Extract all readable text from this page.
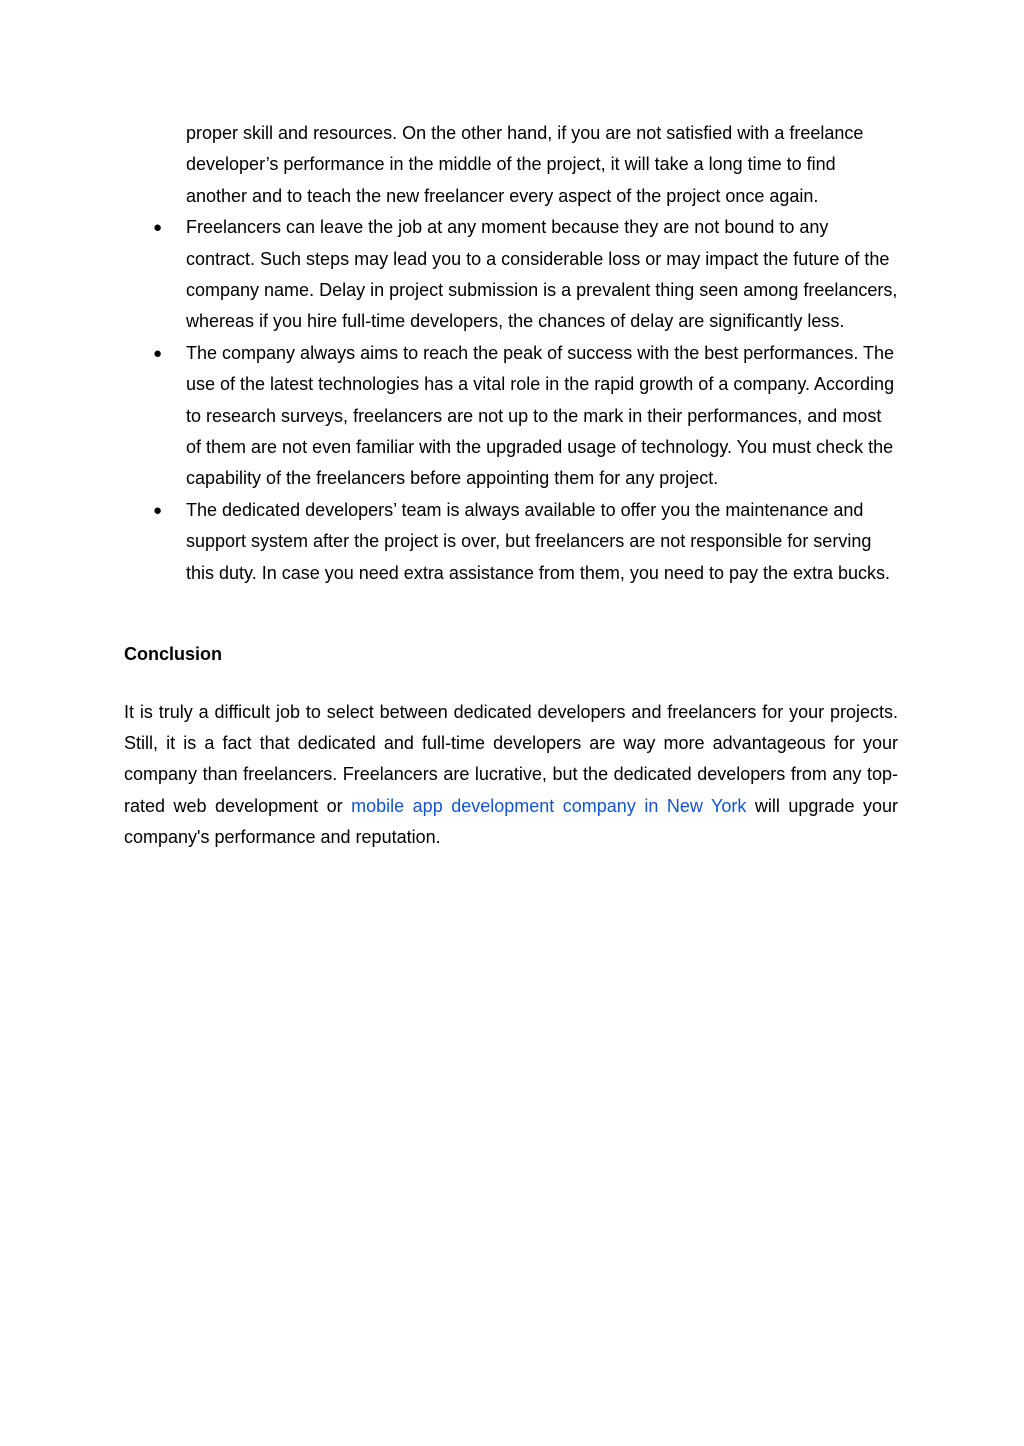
proper skill and resources. On the other hand, if you are not satisfied with a freelance developer’s performance in the middle of the project, it will take a long time to find another and to teach the new freelancer every aspect of the project once again.
● Freelancers can leave the job at any moment because they are not bound to any contract. Such steps may lead you to a considerable loss or may impact the future of the company name. Delay in project submission is a prevalent thing seen among freelancers, whereas if you hire full-time developers, the chances of delay are significantly less.
● The company always aims to reach the peak of success with the best performances. The use of the latest technologies has a vital role in the rapid growth of a company. According to research surveys, freelancers are not up to the mark in their performances, and most of them are not even familiar with the upgraded usage of technology. You must check the capability of the freelancers before appointing them for any project.
● The dedicated developers’ team is always available to offer you the maintenance and support system after the project is over, but freelancers are not responsible for serving this duty. In case you need extra assistance from them, you need to pay the extra bucks.
Conclusion

It is truly a difficult job to select between dedicated developers and freelancers for your projects. Still, it is a fact that dedicated and full-time developers are way more advantageous for your company than freelancers. Freelancers are lucrative, but the dedicated developers from any top-rated web development or mobile app development company in New York will upgrade your company's performance and reputation.
